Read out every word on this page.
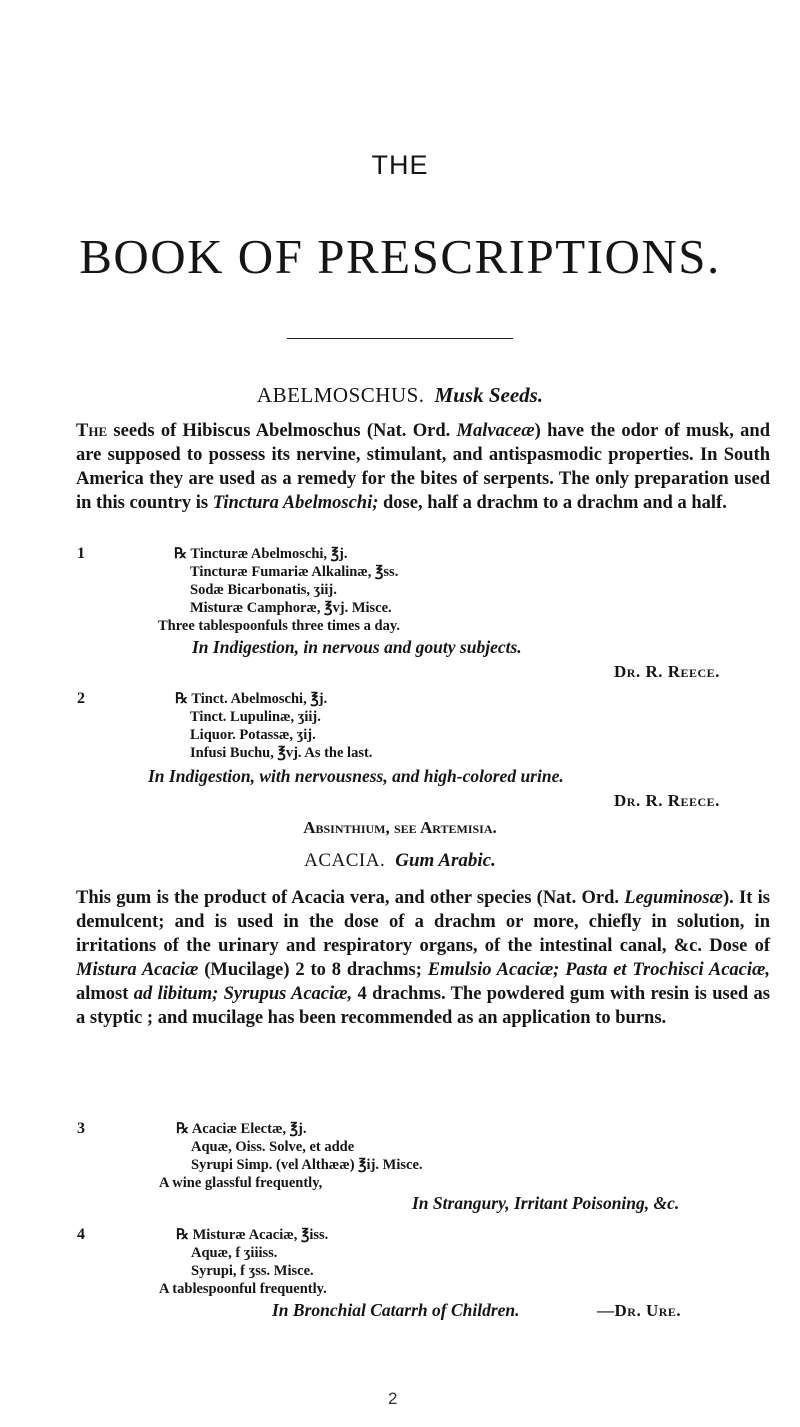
THE
BOOK OF PRESCRIPTIONS.
ABELMOSCHUS. Musk Seeds.
The seeds of Hibiscus Abelmoschus (Nat. Ord. Malvaceæ) have the odor of musk, and are supposed to possess its nervine, stimulant, and antispasmodic properties. In South America they are used as a remedy for the bites of serpents. The only preparation used in this country is Tinctura Abelmoschi; dose, half a drachm to a drachm and a half.
1	℞ Tincturæ Abelmoschi, ℥j.
Tincturæ Fumariæ Alkalinæ, ℥ss.
Sodæ Bicarbonatis, ʒiij.
Misturæ Camphoræ, ℥vj. Misce.
Three tablespoonfuls three times a day.
In Indigestion, in nervous and gouty subjects.
Dr. R. Reece.
2	℞ Tinct. Abelmoschi, ℥j.
Tinct. Lupulinæ, ʒiij.
Liquor. Potassæ, ʒij.
Infusi Buchu, ℥vj. As the last.
In Indigestion, with nervousness, and high-colored urine.
Dr. R. Reece.
Absinthium, see Artemisia.
ACACIA. Gum Arabic.
This gum is the product of Acacia vera, and other species (Nat. Ord. Leguminosæ). It is demulcent; and is used in the dose of a drachm or more, chiefly in solution, in irritations of the urinary and respiratory organs, of the intestinal canal, &c. Dose of Mistura Acaciæ (Mucilage) 2 to 8 drachms; Emulsio Acaciæ; Pasta et Trochisci Acaciæ, almost ad libitum; Syrupus Acaciæ, 4 drachms. The powdered gum with resin is used as a styptic ; and mucilage has been recommended as an application to burns.
3	℞ Acaciæ Electæ, ℥j.
Aquæ, Oiss. Solve, et adde
Syrupi Simp. (vel Althææ) ℥ij. Misce.
A wine glassful frequently,
In Strangury, Irritant Poisoning, &c.
4	℞ Misturæ Acaciæ, ℥iss.
Aquæ, f ʒiiiss.
Syrupi, f ʒss. Misce.
A tablespoonful frequently.
In Bronchial Catarrh of Children.	—Dr. Ure.
2
